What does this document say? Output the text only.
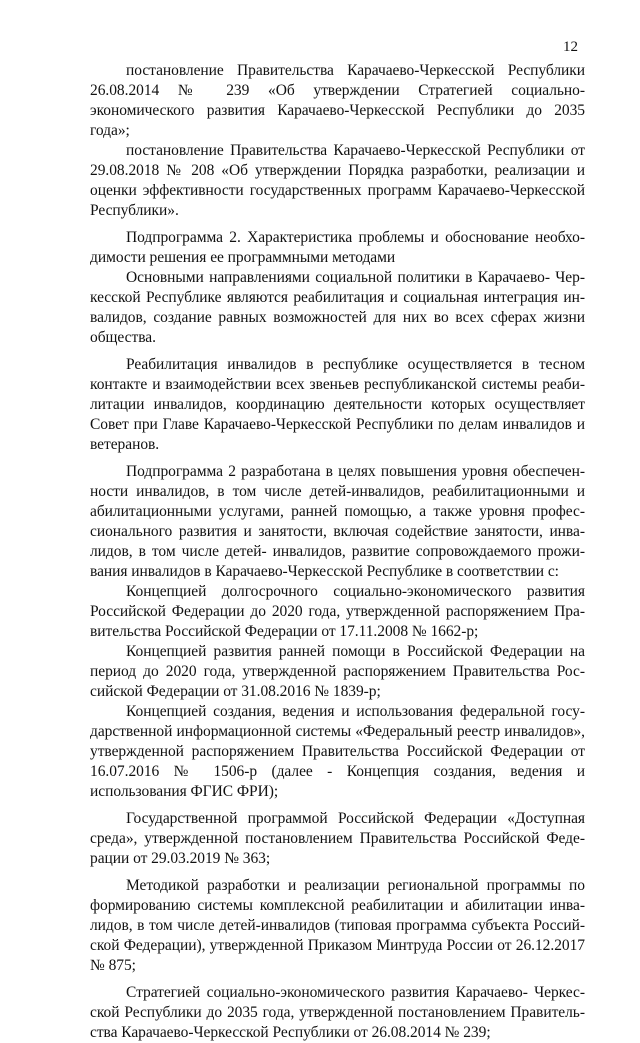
12

постановление Правительства Карачаево-Черкесской Республики 26.08.2014 № 239 «Об утверждении Стратегией социально-экономического развития Карачаево-Черкесской Республики до 2035 года»;

постановление Правительства Карачаево-Черкесской Республики от 29.08.2018 № 208 «Об утверждении Порядка разработки, реализации и оценки эффективности государственных программ Карачаево-Черкесской Республики».

Подпрограмма 2. Характеристика проблемы и обоснование необходимости решения ее программными методами

Основными направлениями социальной политики в Карачаево- Черкесской Республике являются реабилитация и социальная интеграция инвалидов, создание равных возможностей для них во всех сферах жизни общества.

Реабилитация инвалидов в республике осуществляется в тесном контакте и взаимодействии всех звеньев республиканской системы реабилитации инвалидов, координацию деятельности которых осуществляет Совет при Главе Карачаево-Черкесской Республики по делам инвалидов и ветеранов.

Подпрограмма 2 разработана в целях повышения уровня обеспеченности инвалидов, в том числе детей-инвалидов, реабилитационными и абилитационными услугами, ранней помощью, а также уровня профессионального развития и занятости, включая содействие занятости, инвалидов, в том числе детей- инвалидов, развитие сопровождаемого проживания инвалидов в Карачаево-Черкесской Республике в соответствии с:

Концепцией долгосрочного социально-экономического развития Российской Федерации до 2020 года, утвержденной распоряжением Правительства Российской Федерации от 17.11.2008 № 1662-р;

Концепцией развития ранней помощи в Российской Федерации на период до 2020 года, утвержденной распоряжением Правительства Российской Федерации от 31.08.2016 № 1839-р;

Концепцией создания, ведения и использования федеральной государственной информационной системы «Федеральный реестр инвалидов», утвержденной распоряжением Правительства Российской Федерации от 16.07.2016 № 1506-р (далее - Концепция создания, ведения и использования ФГИС ФРИ);

Государственной программой Российской Федерации «Доступная среда», утвержденной постановлением Правительства Российской Федерации от 29.03.2019 № 363;

Методикой разработки и реализации региональной программы по формированию системы комплексной реабилитации и абилитации инвалидов, в том числе детей-инвалидов (типовая программа субъекта Российской Федерации), утвержденной Приказом Минтруда России от 26.12.2017 № 875;

Стратегией социально-экономического развития Карачаево- Черкесской Республики до 2035 года, утвержденной постановлением Правительства Карачаево-Черкесской Республики от 26.08.2014 № 239;
